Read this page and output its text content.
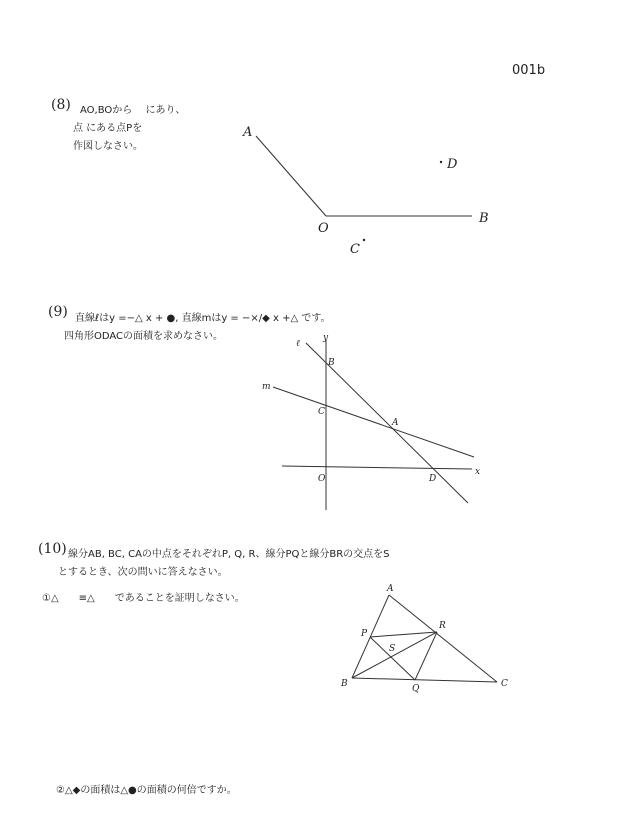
001b
(8) AO,BOから　 にあり、
点 にある点Pを
作図しなさい。
(9) 直線ℓはy =−△ x + ●, 直線mはy = −×/◆ x +△ です。
四角形ODACの面積を求めなさい。
(10) 線分AB, BC, CAの中点をそれぞれP, Q, R、線分PQと線分BRの交点をS
とするとき、次の問いに答えなさい。
①△　　≡△　　であることを証明しなさい。
②△◆の面積は△●の面積の何倍ですか。
A
O
B
D
C
y
ℓ
B
m
C
A
O	D
x
A
B	C
P
R
S
Q
